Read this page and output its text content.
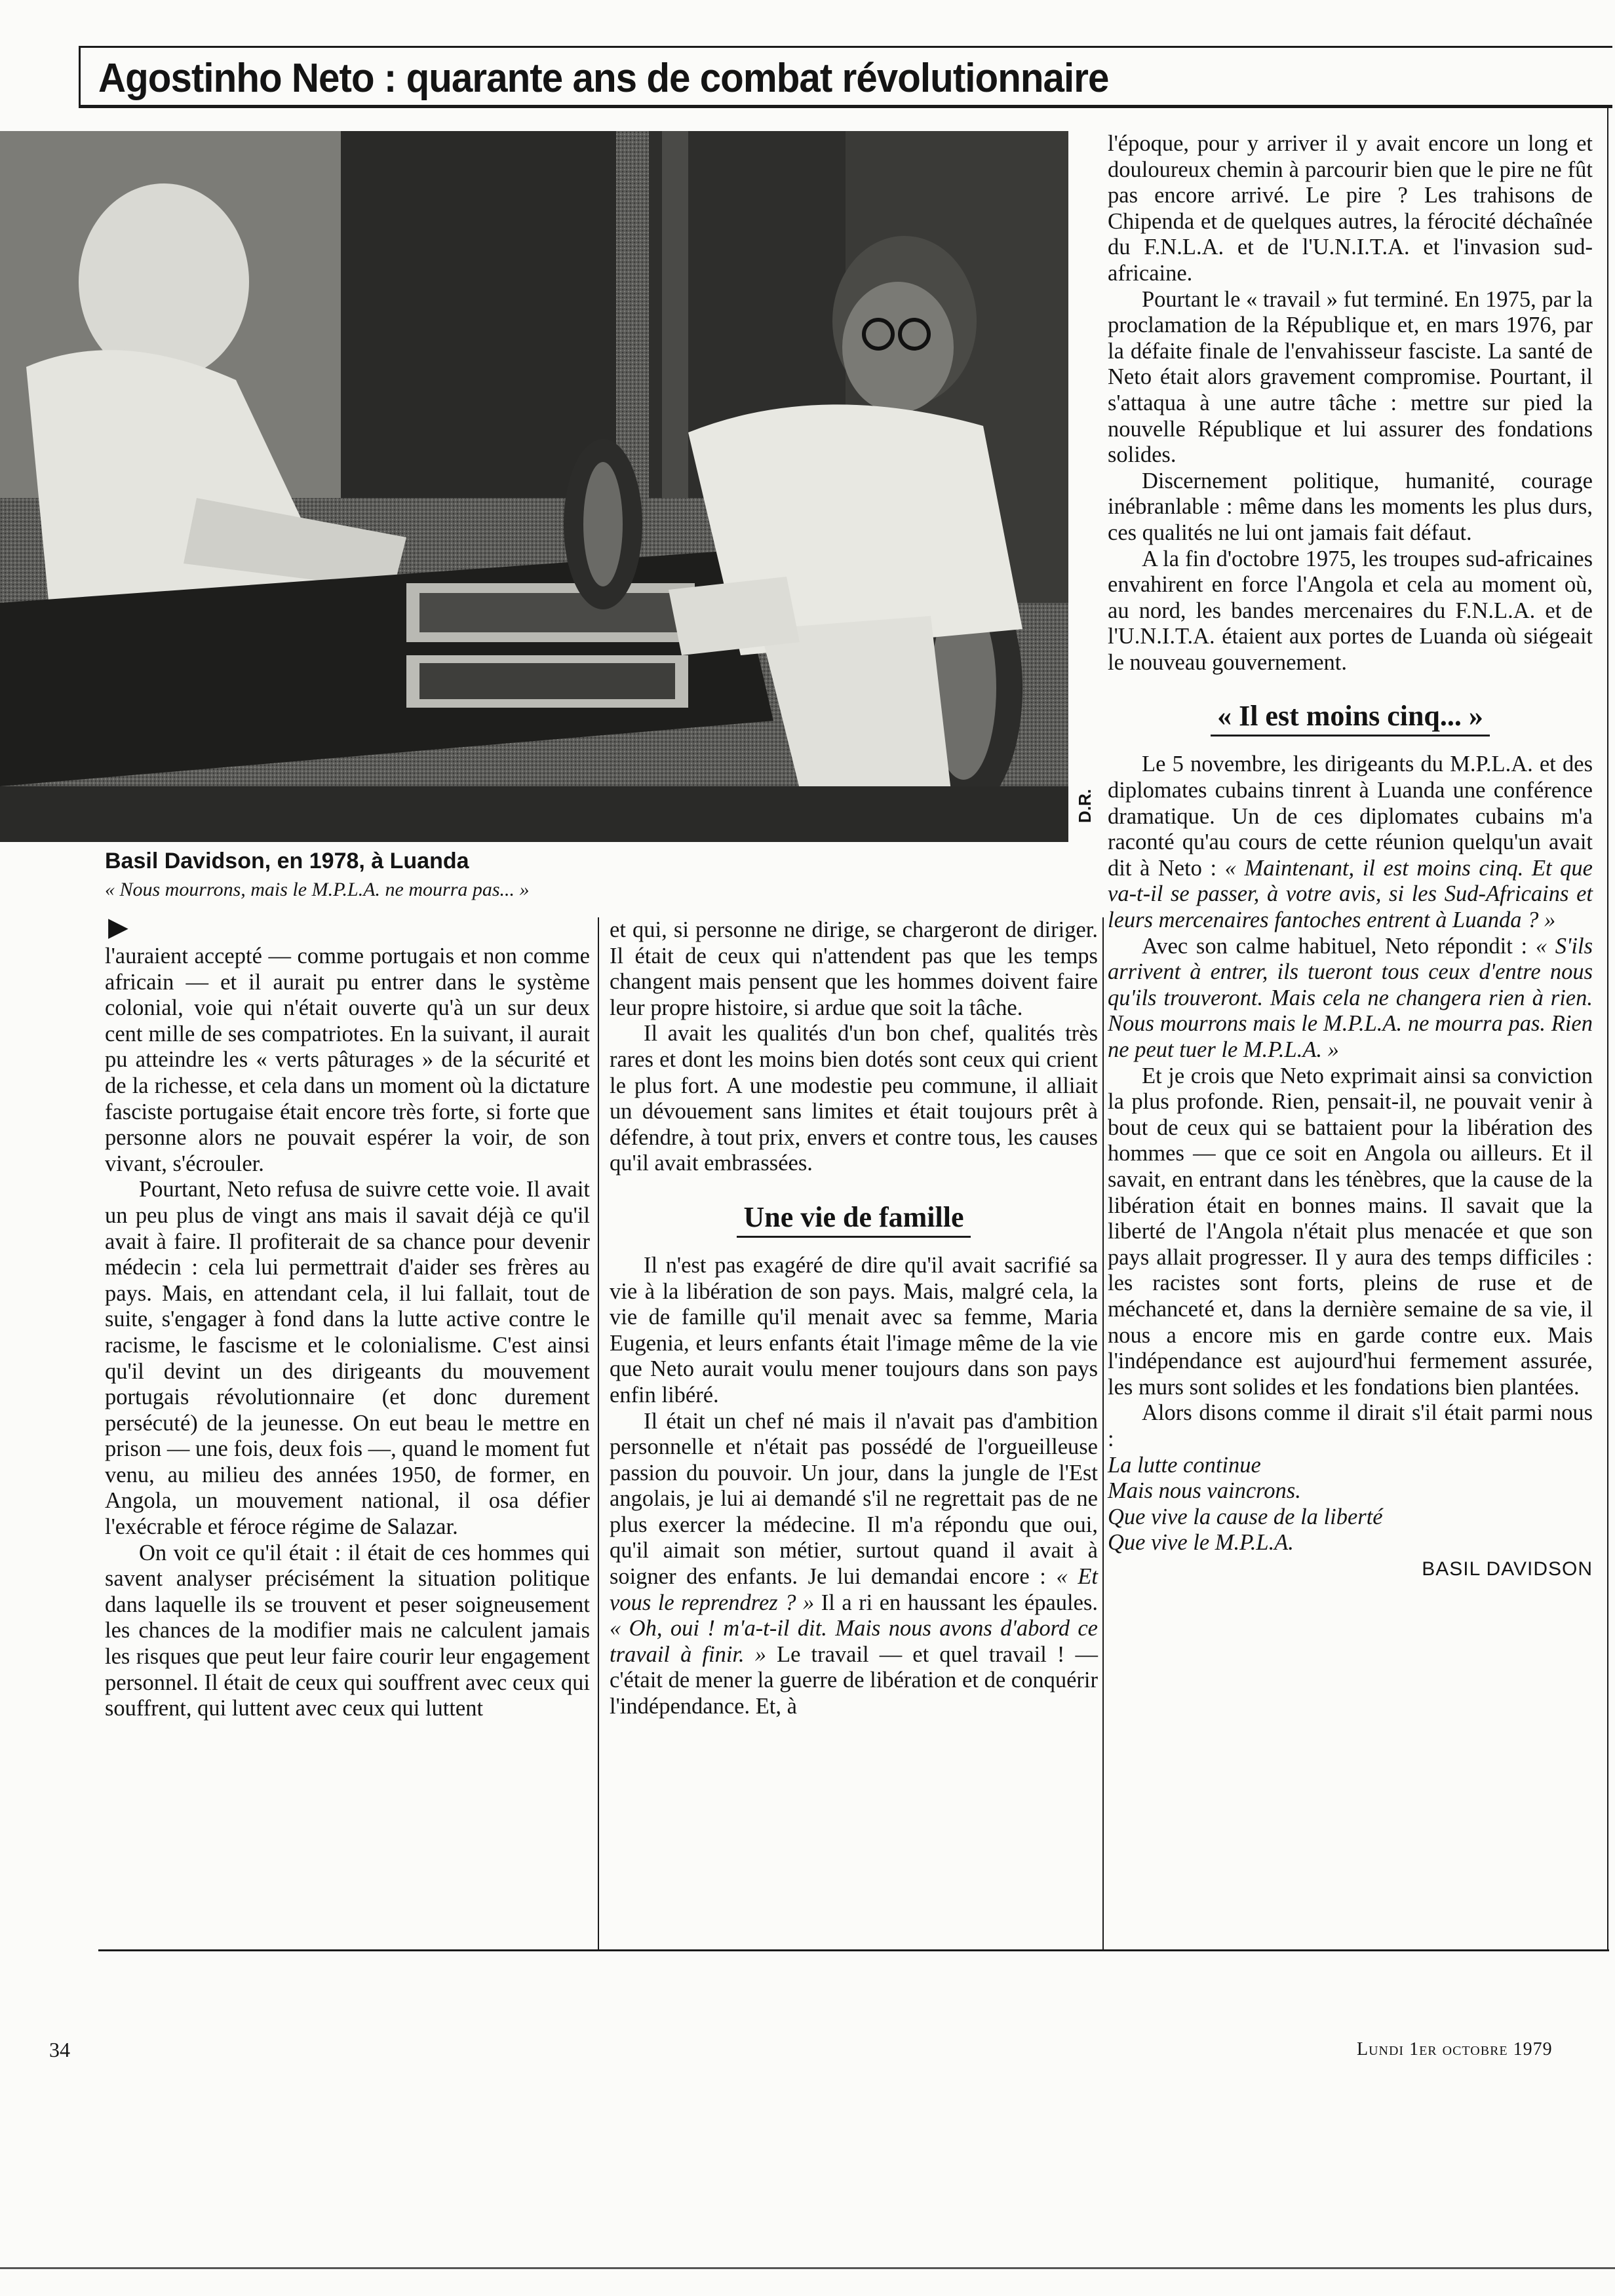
Agostinho Neto : quarante ans de combat révolutionnaire
D.R.
Basil Davidson, en 1978, à Luanda
« Nous mourrons, mais le M.P.L.A. ne mourra pas... »
▶

l'auraient accepté — comme portugais et non comme africain — et il aurait pu entrer dans le système colonial, voie qui n'était ouverte qu'à un sur deux cent mille de ses compatriotes. En la suivant, il aurait pu atteindre les « verts pâturages » de la sécurité et de la richesse, et cela dans un moment où la dictature fasciste portugaise était encore très forte, si forte que personne alors ne pouvait espérer la voir, de son vivant, s'écrouler.

Pourtant, Neto refusa de suivre cette voie. Il avait un peu plus de vingt ans mais il savait déjà ce qu'il avait à faire. Il profiterait de sa chance pour devenir médecin : cela lui permettrait d'aider ses frères au pays. Mais, en attendant cela, il lui fallait, tout de suite, s'engager à fond dans la lutte active contre le racisme, le fascisme et le colonialisme. C'est ainsi qu'il devint un des dirigeants du mouvement portugais révolutionnaire (et donc durement persécuté) de la jeunesse. On eut beau le mettre en prison — une fois, deux fois —, quand le moment fut venu, au milieu des années 1950, de former, en Angola, un mouvement national, il osa défier l'exécrable et féroce régime de Salazar.

On voit ce qu'il était : il était de ces hommes qui savent analyser précisément la situation politique dans laquelle ils se trouvent et peser soigneusement les chances de la modifier mais ne calculent jamais les risques que peut leur faire courir leur engagement personnel. Il était de ceux qui souffrent avec ceux qui souffrent, qui luttent avec ceux qui luttent

et qui, si personne ne dirige, se chargeront de diriger. Il était de ceux qui n'attendent pas que les temps changent mais pensent que les hommes doivent faire leur propre histoire, si ardue que soit la tâche.

Il avait les qualités d'un bon chef, qualités très rares et dont les moins bien dotés sont ceux qui crient le plus fort. A une modestie peu commune, il alliait un dévouement sans limites et était toujours prêt à défendre, à tout prix, envers et contre tous, les causes qu'il avait embrassées.

Une vie de famille

Il n'est pas exagéré de dire qu'il avait sacrifié sa vie à la libération de son pays. Mais, malgré cela, la vie de famille qu'il menait avec sa femme, Maria Eugenia, et leurs enfants était l'image même de la vie que Neto aurait voulu mener toujours dans son pays enfin libéré.

Il était un chef né mais il n'avait pas d'ambition personnelle et n'était pas possédé de l'orgueilleuse passion du pouvoir. Un jour, dans la jungle de l'Est angolais, je lui ai demandé s'il ne regrettait pas de ne plus exercer la médecine. Il m'a répondu que oui, qu'il aimait son métier, surtout quand il avait à soigner des enfants. Je lui demandai encore : « Et vous le reprendrez ? » Il a ri en haussant les épaules. « Oh, oui ! m'a-t-il dit. Mais nous avons d'abord ce travail à finir. » Le travail — et quel travail ! — c'était de mener la guerre de libération et de conquérir l'indépendance. Et, à

l'époque, pour y arriver il y avait encore un long et douloureux chemin à parcourir bien que le pire ne fût pas encore arrivé. Le pire ? Les trahisons de Chipenda et de quelques autres, la férocité déchaînée du F.N.L.A. et de l'U.N.I.T.A. et l'invasion sud-africaine.

Pourtant le « travail » fut terminé. En 1975, par la proclamation de la République et, en mars 1976, par la défaite finale de l'envahisseur fasciste. La santé de Neto était alors gravement compromise. Pourtant, il s'attaqua à une autre tâche : mettre sur pied la nouvelle République et lui assurer des fondations solides.

Discernement politique, humanité, courage inébranlable : même dans les moments les plus durs, ces qualités ne lui ont jamais fait défaut.

A la fin d'octobre 1975, les troupes sud-africaines envahirent en force l'Angola et cela au moment où, au nord, les bandes mercenaires du F.N.L.A. et de l'U.N.I.T.A. étaient aux portes de Luanda où siégeait le nouveau gouvernement.

« Il est moins cinq... »

Le 5 novembre, les dirigeants du M.P.L.A. et des diplomates cubains tinrent à Luanda une conférence dramatique. Un de ces diplomates cubains m'a raconté qu'au cours de cette réunion quelqu'un avait dit à Neto : « Maintenant, il est moins cinq. Et que va-t-il se passer, à votre avis, si les Sud-Africains et leurs mercenaires fantoches entrent à Luanda ? »

Avec son calme habituel, Neto répondit : « S'ils arrivent à entrer, ils tueront tous ceux d'entre nous qu'ils trouveront. Mais cela ne changera rien à rien. Nous mourrons mais le M.P.L.A. ne mourra pas. Rien ne peut tuer le M.P.L.A. »

Et je crois que Neto exprimait ainsi sa conviction la plus profonde. Rien, pensait-il, ne pouvait venir à bout de ceux qui se battaient pour la libération des hommes — que ce soit en Angola ou ailleurs. Et il savait, en entrant dans les ténèbres, que la cause de la libération était en bonnes mains. Il savait que la liberté de l'Angola n'était plus menacée et que son pays allait progresser. Il y aura des temps difficiles : les racistes sont forts, pleins de ruse et de méchanceté et, dans la dernière semaine de sa vie, il nous a encore mis en garde contre eux. Mais l'indépendance est aujourd'hui fermement assurée, les murs sont solides et les fondations bien plantées.

Alors disons comme il dirait s'il était parmi nous :

La lutte continue

Mais nous vaincrons.

Que vive la cause de la liberté

Que vive le M.P.L.A.

BASIL DAVIDSON

34	Lundi 1er octobre 1979
